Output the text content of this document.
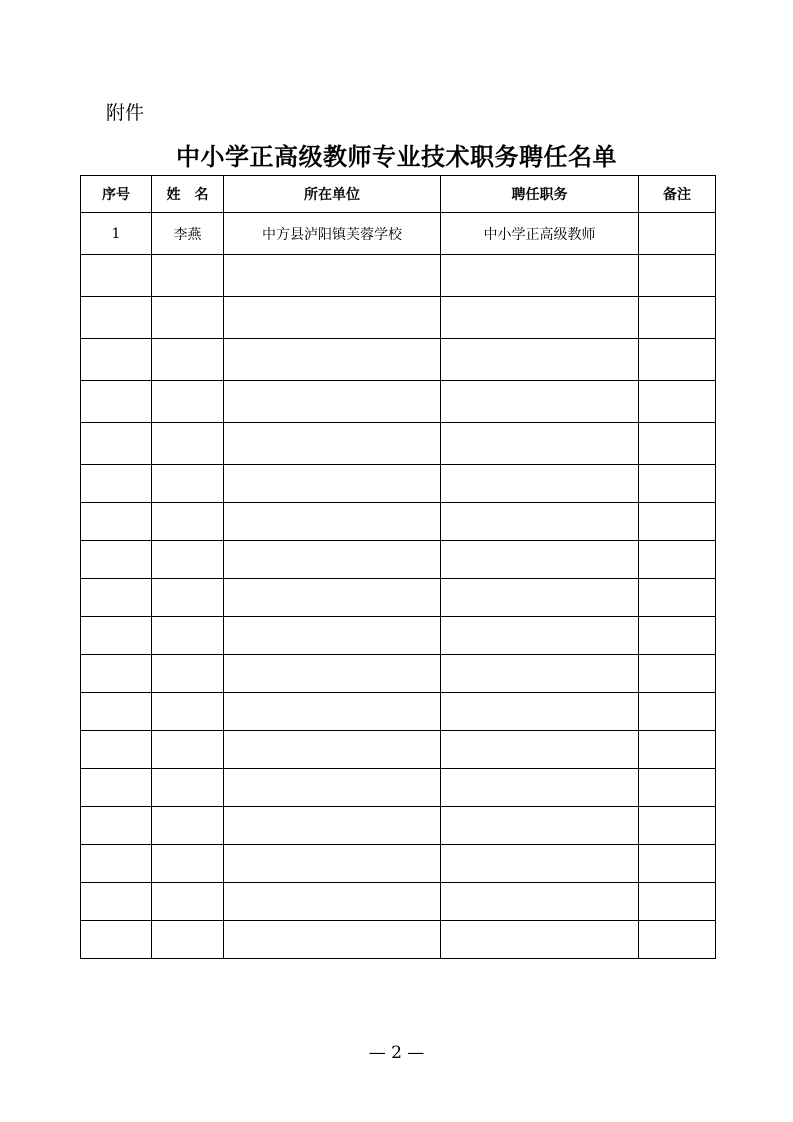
附件
中小学正高级教师专业技术职务聘任名单
序号	姓　名	所在单位	聘任职务	备注
1	李燕	中方县泸阳镇芙蓉学校	中小学正高级教师	

— 2 —
